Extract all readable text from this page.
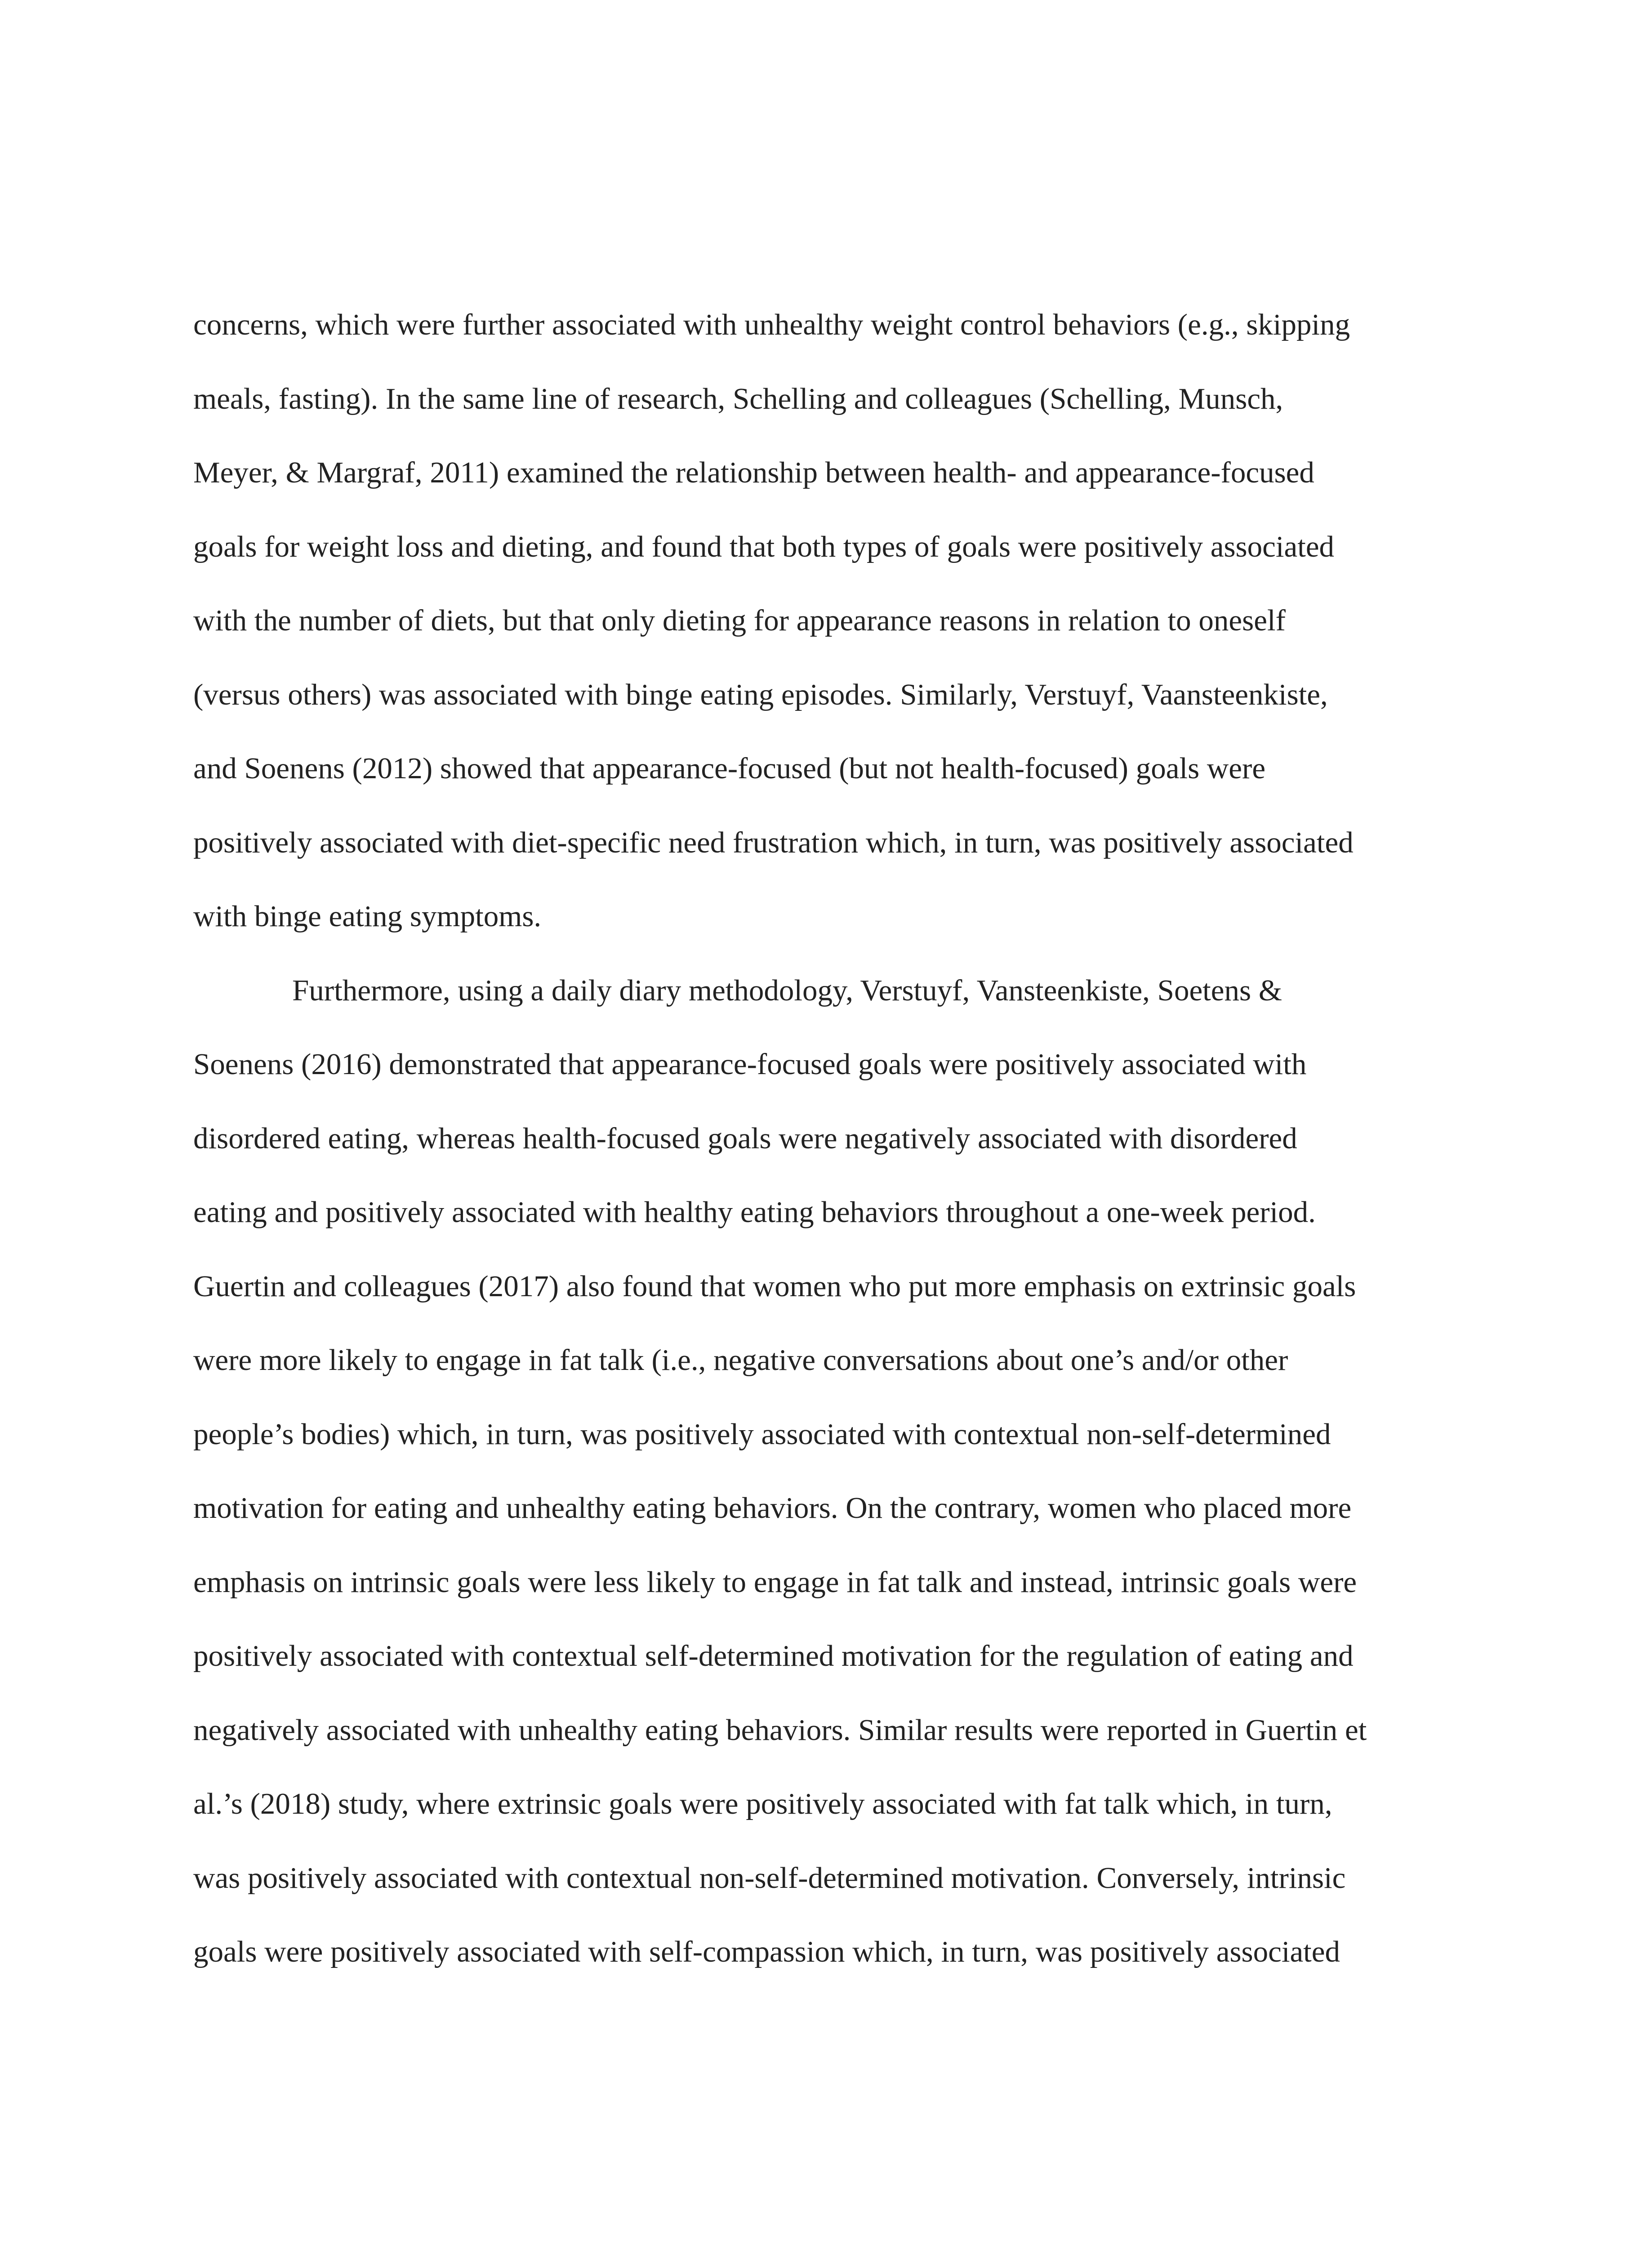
concerns, which were further associated with unhealthy weight control behaviors (e.g., skipping
meals, fasting). In the same line of research, Schelling and colleagues (Schelling, Munsch,
Meyer, & Margraf, 2011) examined the relationship between health- and appearance-focused
goals for weight loss and dieting, and found that both types of goals were positively associated
with the number of diets, but that only dieting for appearance reasons in relation to oneself
(versus others) was associated with binge eating episodes. Similarly, Verstuyf, Vaansteenkiste,
and Soenens (2012) showed that appearance-focused (but not health-focused) goals were
positively associated with diet-specific need frustration which, in turn, was positively associated
with binge eating symptoms.
Furthermore, using a daily diary methodology, Verstuyf, Vansteenkiste, Soetens &
Soenens (2016) demonstrated that appearance-focused goals were positively associated with
disordered eating, whereas health-focused goals were negatively associated with disordered
eating and positively associated with healthy eating behaviors throughout a one-week period.
Guertin and colleagues (2017) also found that women who put more emphasis on extrinsic goals
were more likely to engage in fat talk (i.e., negative conversations about one’s and/or other
people’s bodies) which, in turn, was positively associated with contextual non-self-determined
motivation for eating and unhealthy eating behaviors. On the contrary, women who placed more
emphasis on intrinsic goals were less likely to engage in fat talk and instead, intrinsic goals were
positively associated with contextual self-determined motivation for the regulation of eating and
negatively associated with unhealthy eating behaviors. Similar results were reported in Guertin et
al.’s (2018) study, where extrinsic goals were positively associated with fat talk which, in turn,
was positively associated with contextual non-self-determined motivation. Conversely, intrinsic
goals were positively associated with self-compassion which, in turn, was positively associated
